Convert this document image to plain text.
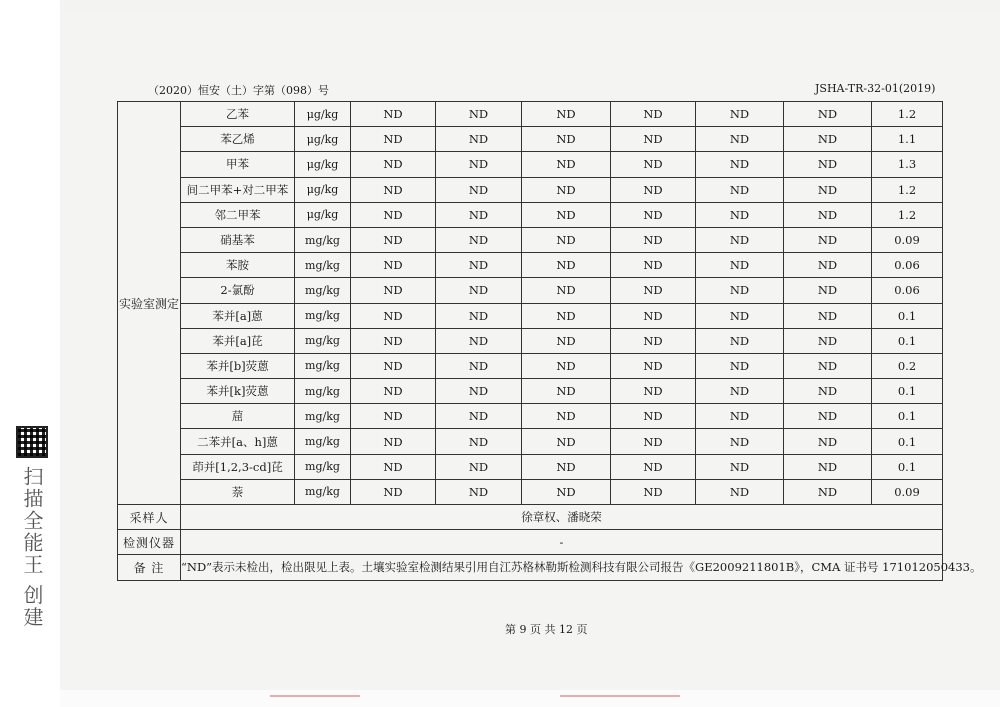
扫描全能王 创建
（2020）恒安（土）字第（098）号	JSHA-TR-32-01(2019)
实验室测定	乙苯	μg/kg	ND	ND	ND	ND	ND	ND	1.2
	苯乙烯	μg/kg	ND	ND	ND	ND	ND	ND	1.1
	甲苯	μg/kg	ND	ND	ND	ND	ND	ND	1.3
	间二甲苯+对二甲苯	μg/kg	ND	ND	ND	ND	ND	ND	1.2
	邻二甲苯	μg/kg	ND	ND	ND	ND	ND	ND	1.2
	硝基苯	mg/kg	ND	ND	ND	ND	ND	ND	0.09
	苯胺	mg/kg	ND	ND	ND	ND	ND	ND	0.06
	2-氯酚	mg/kg	ND	ND	ND	ND	ND	ND	0.06
	苯并[a]蒽	mg/kg	ND	ND	ND	ND	ND	ND	0.1
	苯并[a]芘	mg/kg	ND	ND	ND	ND	ND	ND	0.1
	苯并[b]荧蒽	mg/kg	ND	ND	ND	ND	ND	ND	0.2
	苯并[k]荧蒽	mg/kg	ND	ND	ND	ND	ND	ND	0.1
	䓛	mg/kg	ND	ND	ND	ND	ND	ND	0.1
	二苯并[a、h]蒽	mg/kg	ND	ND	ND	ND	ND	ND	0.1
	茚并[1,2,3-cd]芘	mg/kg	ND	ND	ND	ND	ND	ND	0.1
	萘	mg/kg	ND	ND	ND	ND	ND	ND	0.09
采样人	徐章权、潘晓荣								
检测仪器	-								
备 注	“ND”表示未检出，检出限见上表。土壤实验室检测结果引用自江苏格林勒斯检测科技有限公司报告《GE2009211801B》，CMA 证书号 171012050433。								
第 9 页 共 12 页
